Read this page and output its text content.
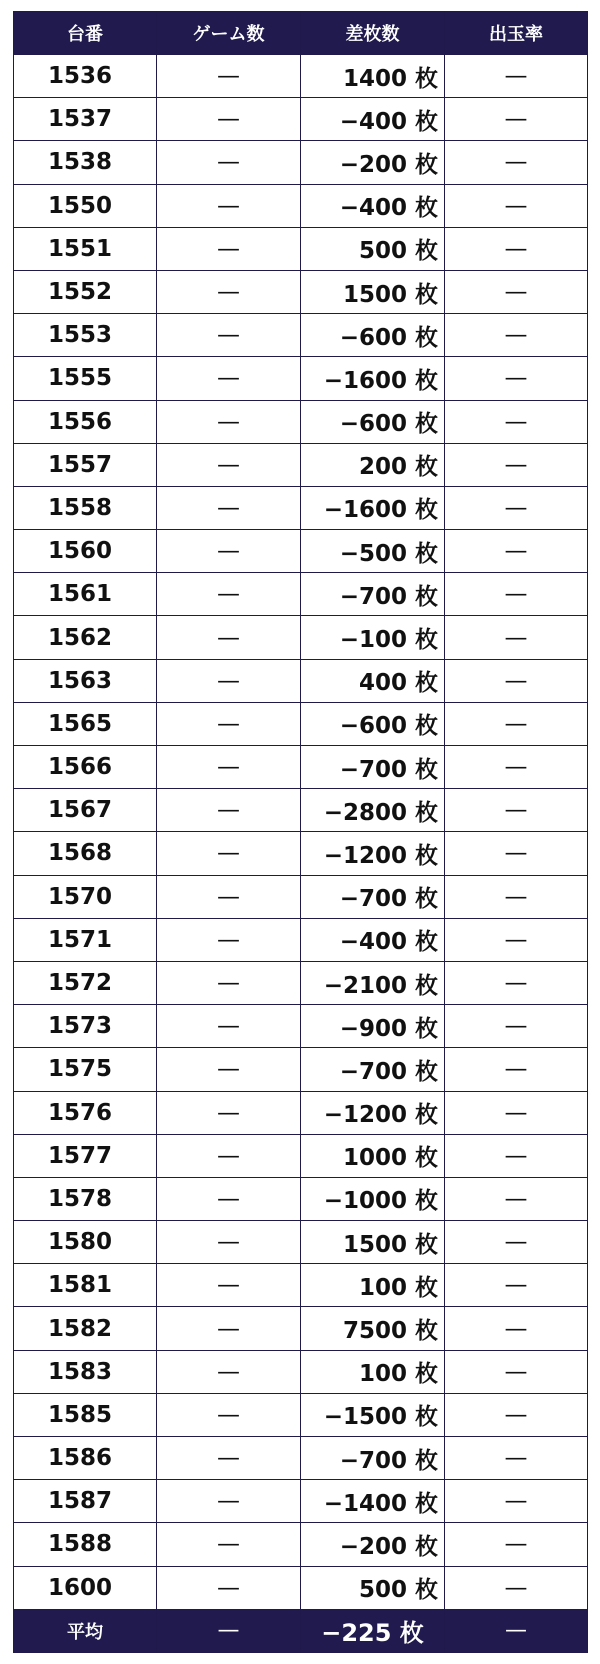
台番	ゲーム数	差枚数	出玉率
1536	—	1400 枚	—
1537	—	−400 枚	—
1538	—	−200 枚	—
1550	—	−400 枚	—
1551	—	500 枚	—
1552	—	1500 枚	—
1553	—	−600 枚	—
1555	—	−1600 枚	—
1556	—	−600 枚	—
1557	—	200 枚	—
1558	—	−1600 枚	—
1560	—	−500 枚	—
1561	—	−700 枚	—
1562	—	−100 枚	—
1563	—	400 枚	—
1565	—	−600 枚	—
1566	—	−700 枚	—
1567	—	−2800 枚	—
1568	—	−1200 枚	—
1570	—	−700 枚	—
1571	—	−400 枚	—
1572	—	−2100 枚	—
1573	—	−900 枚	—
1575	—	−700 枚	—
1576	—	−1200 枚	—
1577	—	1000 枚	—
1578	—	−1000 枚	—
1580	—	1500 枚	—
1581	—	100 枚	—
1582	—	7500 枚	—
1583	—	100 枚	—
1585	—	−1500 枚	—
1586	—	−700 枚	—
1587	—	−1400 枚	—
1588	—	−200 枚	—
1600	—	500 枚	—
平均	—	−225 枚	—
